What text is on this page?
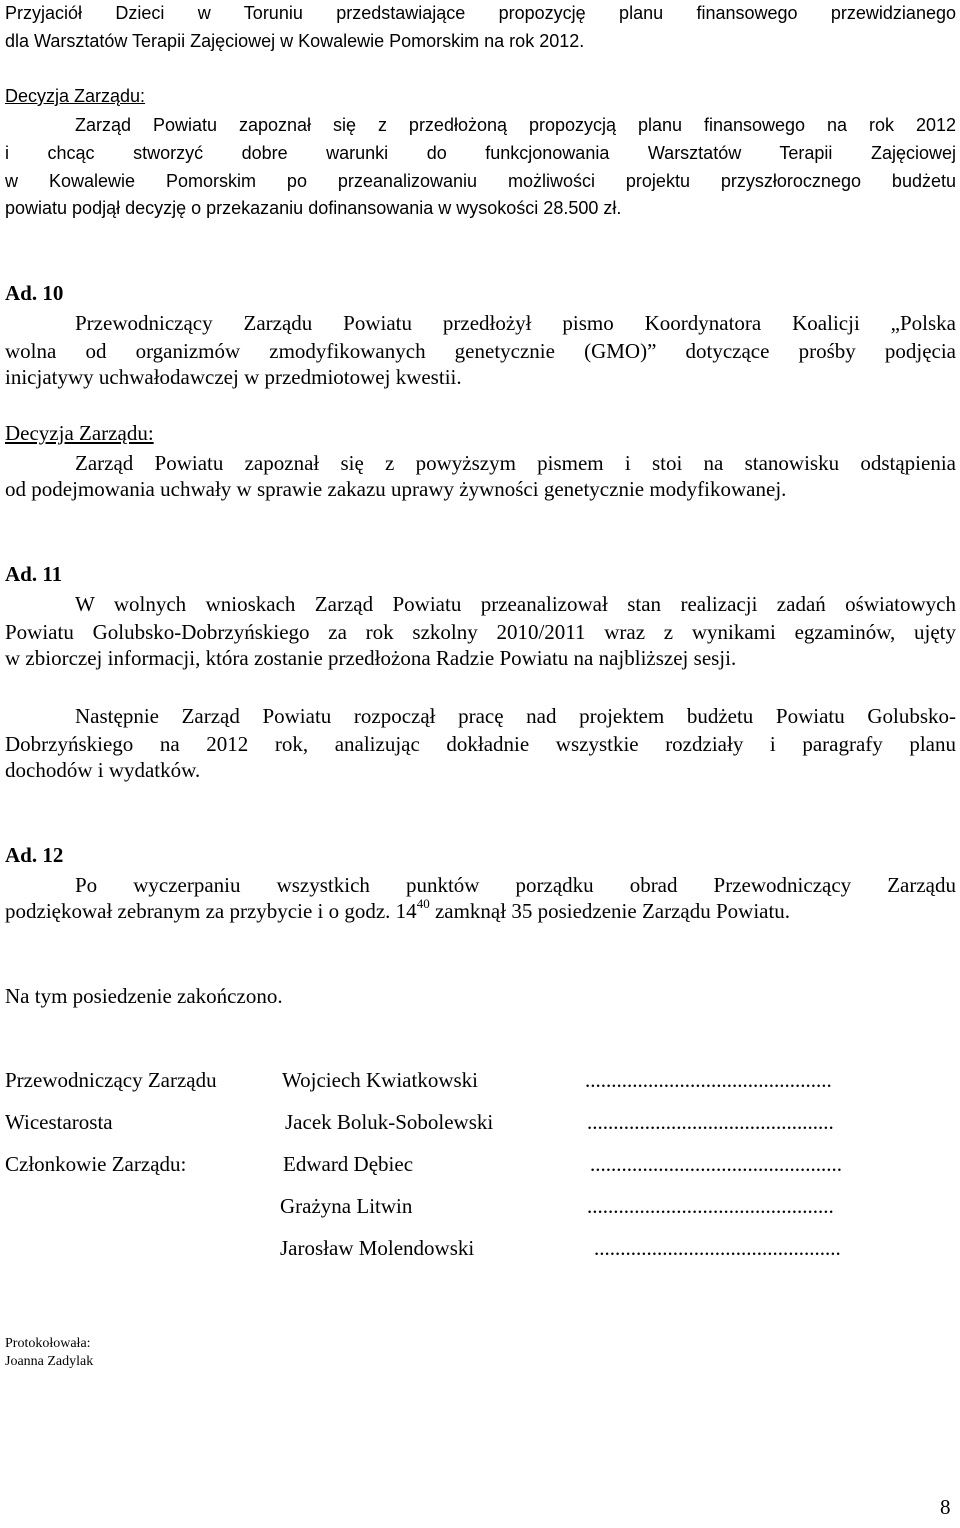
Przyjaciół Dzieci w Toruniu przedstawiające propozycję planu finansowego przewidzianego
dla Warsztatów Terapii Zajęciowej w Kowalewie Pomorskim na rok 2012.
Decyzja Zarządu:
Zarząd Powiatu zapoznał się z przedłożoną propozycją planu finansowego na rok 2012
i chcąc stworzyć dobre warunki do funkcjonowania Warsztatów Terapii Zajęciowej
w Kowalewie Pomorskim po przeanalizowaniu możliwości projektu przyszłorocznego budżetu
powiatu podjął decyzję o przekazaniu dofinansowania w wysokości 28.500 zł.
Ad. 10
Przewodniczący Zarządu Powiatu przedłożył pismo Koordynatora Koalicji „Polska
wolna od organizmów zmodyfikowanych genetycznie (GMO)” dotyczące prośby podjęcia
inicjatywy uchwałodawczej w przedmiotowej kwestii.
Decyzja Zarządu:
Zarząd Powiatu zapoznał się z powyższym pismem i stoi na stanowisku odstąpienia
od podejmowania uchwały w sprawie zakazu uprawy żywności genetycznie modyfikowanej.
Ad. 11
W wolnych wnioskach Zarząd Powiatu przeanalizował stan realizacji zadań oświatowych
Powiatu Golubsko-Dobrzyńskiego za rok szkolny 2010/2011 wraz z wynikami egzaminów, ujęty
w zbiorczej informacji, która zostanie przedłożona Radzie Powiatu na najbliższej sesji.
Następnie Zarząd Powiatu rozpoczął pracę nad projektem budżetu Powiatu Golubsko-
Dobrzyńskiego na 2012 rok, analizując dokładnie wszystkie rozdziały i paragrafy planu
dochodów i wydatków.
Ad. 12
Po wyczerpaniu wszystkich punktów porządku obrad Przewodniczący Zarządu
podziękował zebranym za przybycie i o godz. $14^{40}$ zamknął 35 posiedzenie Zarządu Powiatu.
Na tym posiedzenie zakończono.
Przewodniczący Zarządu	Wojciech Kwiatkowski	...............................................
Wicestarosta	Jacek Boluk-Sobolewski	...............................................
Członkowie Zarządu:	Edward Dębiec	................................................
Grażyna Litwin	...............................................
Jarosław Molendowski	...............................................
Protokołowała:
Joanna Zadylak
8
